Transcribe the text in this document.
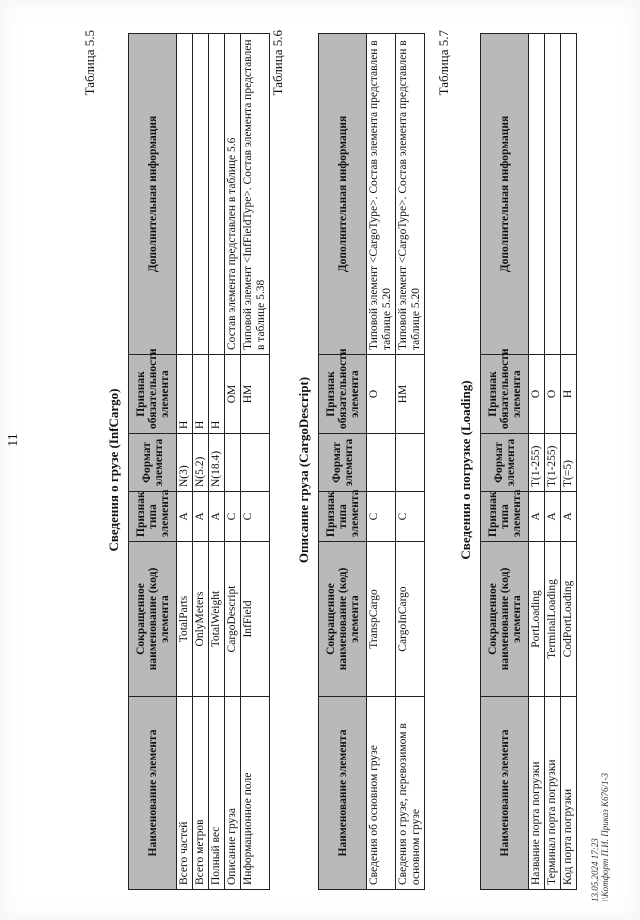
11
Таблица 5.5
Сведения о грузе (InfCargo)
Наименование элемента	Сокращенное наименование (код) элемента	Признак типа элемента	Формат элемента	Признак обязательности элемента	Дополнительная информация
Всего частей	TotalParts	А	N(3)	Н	
Всего метров	OnlyMeters	А	N(5.2)	Н	
Полный вес	TotalWeight	А	N(18.4)	Н	
Описание груза	CargoDescript	С		ОМ	Состав элемента представлен в таблице 5.6
Информационное поле	InfField	С		НМ	Типовой элемент <InfFieldType>. Состав элемента представлен в таблице 5.38
Таблица 5.6
Описание груза (CargoDescript)
Наименование элемента	Сокращенное наименование (код) элемента	Признак типа элемента	Формат элемента	Признак обязательности элемента	Дополнительная информация
Сведения об основном грузе	TranspCargo	С		О	Типовой элемент <CargoType>. Состав элемента представлен в таблице 5.20
Сведения о грузе, перевозимом в основном грузе	CargoInCargo	С		НМ	Типовой элемент <CargoType>. Состав элемента представлен в таблице 5.20
Таблица 5.7
Сведения о погрузке (Loading)
Наименование элемента	Сокращенное наименование (код) элемента	Признак типа элемента	Формат элемента	Признак обязательности элемента	Дополнительная информация
Название порта погрузки	PortLoading	А	T(1-255)	О	
Терминал порта погрузки	TerminalLoading	А	T(1-255)	О	
Код порта погрузки	CodPortLoading	А	T(=5)	Н	
13.05.2024 17:23 \\Котфорт П.И. Приказ К676/1-3
